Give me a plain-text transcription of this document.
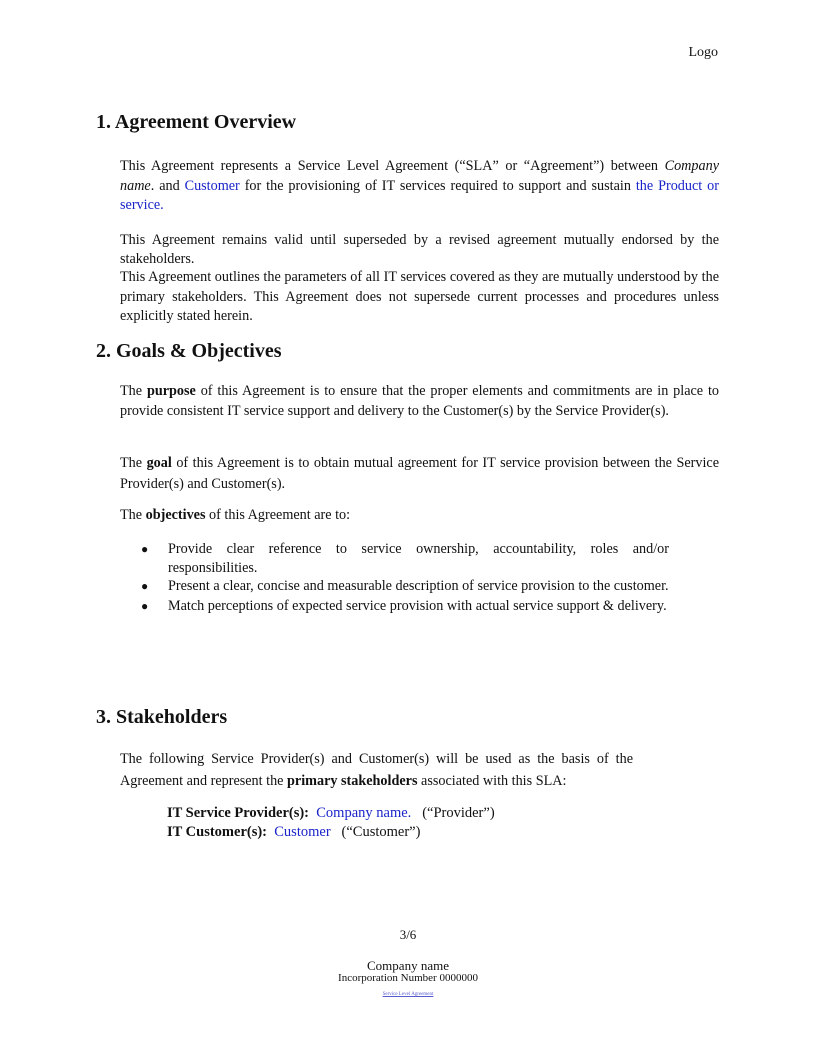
Logo
1. Agreement Overview

This Agreement represents a Service Level Agreement (“SLA” or “Agreement”) between Company name. and Customer for the provisioning of IT services required to support and sustain the Product or service.

This Agreement remains valid until superseded by a revised agreement mutually endorsed by the stakeholders.

This Agreement outlines the parameters of all IT services covered as they are mutually understood by the primary stakeholders. This Agreement does not supersede current processes and procedures unless explicitly stated herein.

2. Goals & Objectives

The purpose of this Agreement is to ensure that the proper elements and commitments are in place to provide consistent IT service support and delivery to the Customer(s) by the Service Provider(s).

The goal of this Agreement is to obtain mutual agreement for IT service provision between the Service Provider(s) and Customer(s).

The objectives of this Agreement are to:

● Provide clear reference to service ownership, accountability, roles and/or responsibilities.
● Present a clear, concise and measurable description of service provision to the customer.
● Match perceptions of expected service provision with actual service support & delivery.
3. Stakeholders

The following Service Provider(s) and Customer(s) will be used as the basis of the Agreement and represent the primary stakeholders associated with this SLA:

IT Service Provider(s): Company name. (“Provider”)
IT Customer(s): Customer (“Customer”)
3/6
Company name
Incorporation Number 0000000
Service Level Agreement
